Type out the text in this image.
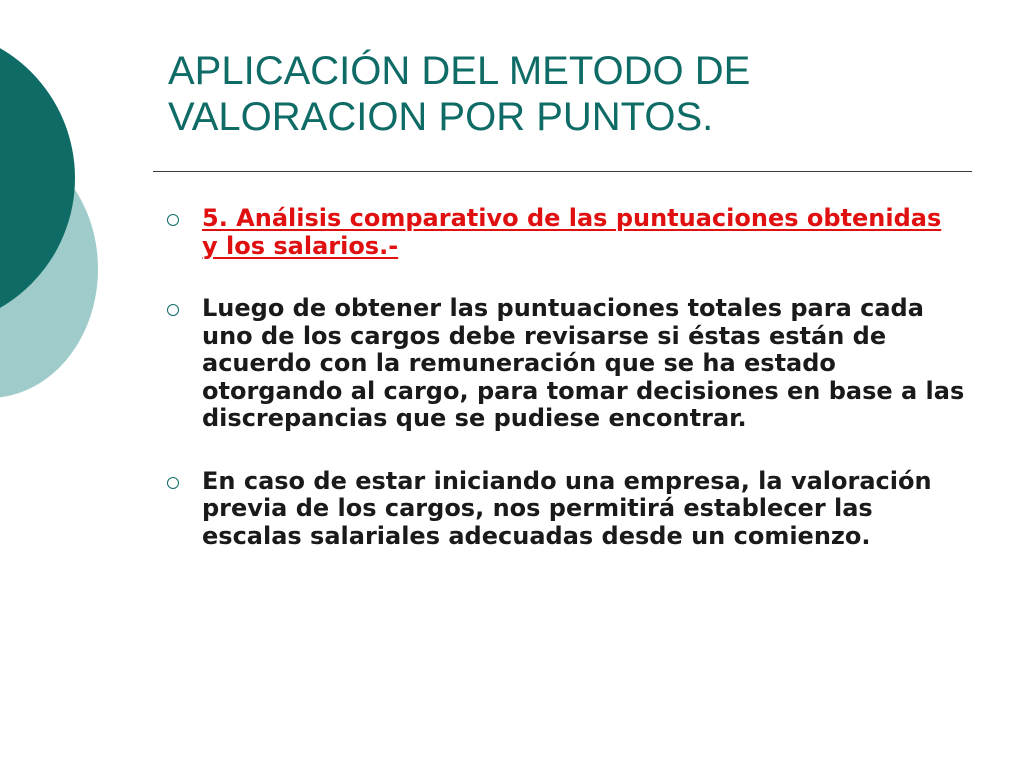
APLICACIÓN DEL METODO DE
VALORACION POR PUNTOS.
5. Análisis comparativo de las puntuaciones obtenidas y los salarios.-
Luego de obtener las puntuaciones totales para cada uno de los cargos debe revisarse si éstas están de acuerdo con la remuneración que se ha estado otorgando al cargo, para tomar decisiones en base a las discrepancias que se pudiese encontrar.
En caso de estar iniciando una empresa, la valoración previa de los cargos, nos permitirá establecer las escalas salariales adecuadas desde un comienzo.
